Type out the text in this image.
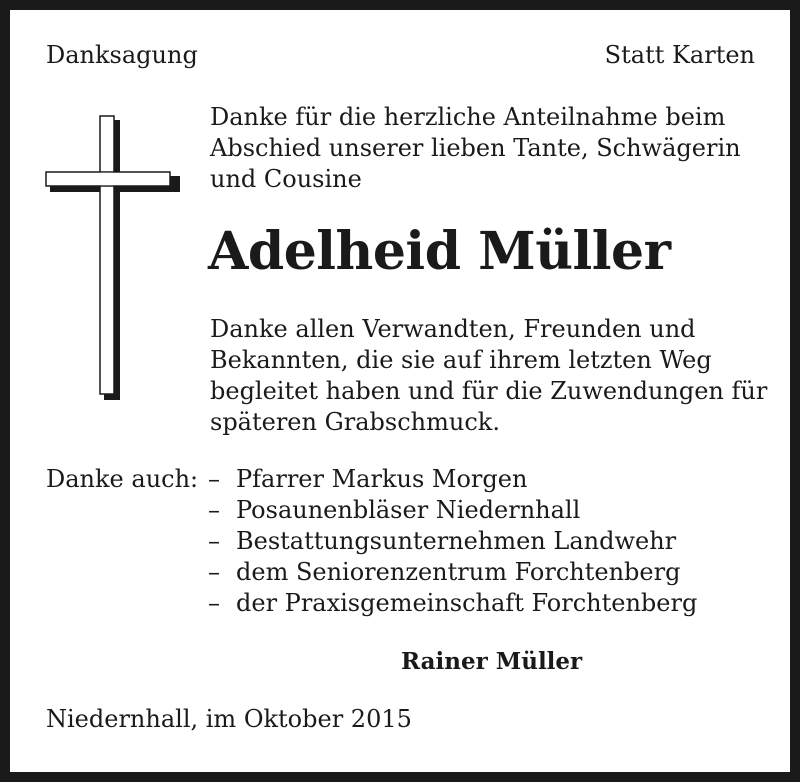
Danksagung	Statt Karten
Danke für die herzliche Anteilnahme beim
Abschied unserer lieben Tante, Schwägerin
und Cousine
Adelheid Müller
Danke allen Verwandten, Freunden und
Bekannten, die sie auf ihrem letzten Weg
begleitet haben und für die Zuwendungen für
späteren Grabschmuck.
Danke auch: – Pfarrer Markus Morgen
– Posaunenbläser Niedernhall
– Bestattungsunternehmen Landwehr
– dem Seniorenzentrum Forchtenberg
– der Praxisgemeinschaft Forchtenberg
Rainer Müller
Niedernhall, im Oktober 2015
